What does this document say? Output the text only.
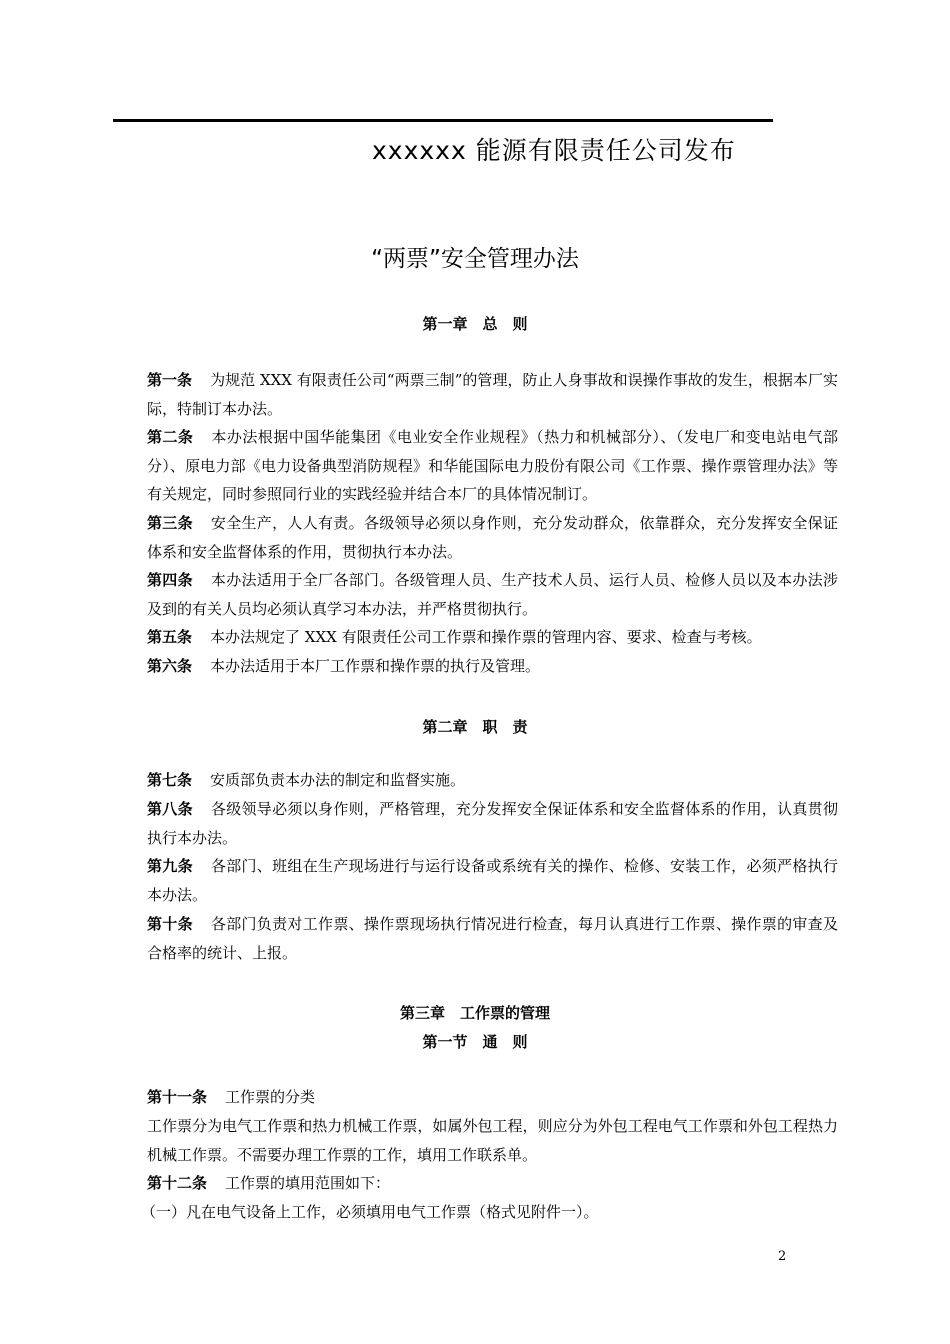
xxxxxx 能源有限责任公司发布
“两票”安全管理办法
第一章　总　则
第一条 为规范 XXX 有限责任公司“两票三制”的管理，防止人身事故和误操作事故的发生，根据本厂实际，特制订本办法。
第二条 本办法根据中国华能集团《电业安全作业规程》（热力和机械部分）、（发电厂和变电站电气部分）、原电力部《电力设备典型消防规程》和华能国际电力股份有限公司《工作票、操作票管理办法》等有关规定，同时参照同行业的实践经验并结合本厂的具体情况制订。
第三条 安全生产，人人有责。各级领导必须以身作则，充分发动群众，依靠群众，充分发挥安全保证体系和安全监督体系的作用，贯彻执行本办法。
第四条 本办法适用于全厂各部门。各级管理人员、生产技术人员、运行人员、检修人员以及本办法涉及到的有关人员均必须认真学习本办法，并严格贯彻执行。
第五条 本办法规定了 XXX 有限责任公司工作票和操作票的管理内容、要求、检查与考核。
第六条 本办法适用于本厂工作票和操作票的执行及管理。
第二章　职　责
第七条 安质部负责本办法的制定和监督实施。
第八条 各级领导必须以身作则，严格管理，充分发挥安全保证体系和安全监督体系的作用，认真贯彻执行本办法。
第九条 各部门、班组在生产现场进行与运行设备或系统有关的操作、检修、安装工作，必须严格执行本办法。
第十条 各部门负责对工作票、操作票现场执行情况进行检查，每月认真进行工作票、操作票的审查及合格率的统计、上报。
第三章　工作票的管理
第一节　通　则
第十一条 工作票的分类
工作票分为电气工作票和热力机械工作票，如属外包工程，则应分为外包工程电气工作票和外包工程热力机械工作票。不需要办理工作票的工作，填用工作联系单。
第十二条 工作票的填用范围如下：
（一）凡在电气设备上工作，必须填用电气工作票（格式见附件一）。
2
